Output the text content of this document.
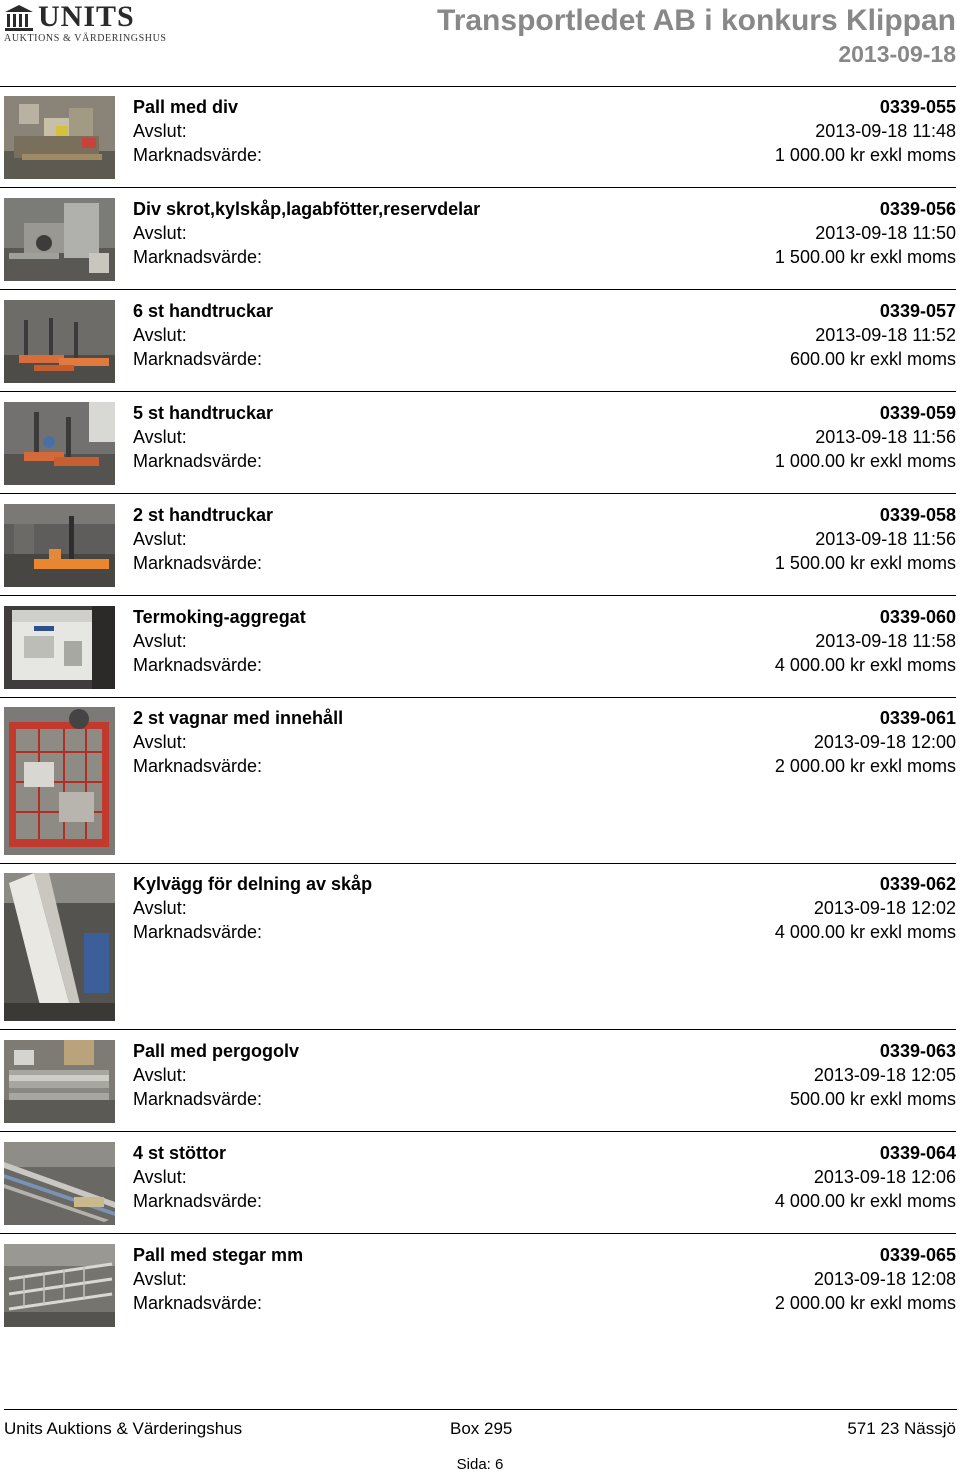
UNITS
AUKTIONS & VÄRDERINGSHUS
Transportledet AB i konkurs Klippan
2013-09-18
Pall med div
Avslut:
Marknadsvärde:
0339-055
2013-09-18 11:48
1 000.00 kr exkl moms
Div skrot,kylskåp,lagabfötter,reservdelar
Avslut:
Marknadsvärde:
0339-056
2013-09-18 11:50
1 500.00 kr exkl moms
6 st handtruckar
Avslut:
Marknadsvärde:
0339-057
2013-09-18 11:52
600.00 kr exkl moms
5 st handtruckar
Avslut:
Marknadsvärde:
0339-059
2013-09-18 11:56
1 000.00 kr exkl moms
2 st handtruckar
Avslut:
Marknadsvärde:
0339-058
2013-09-18 11:56
1 500.00 kr exkl moms
Termoking-aggregat
Avslut:
Marknadsvärde:
0339-060
2013-09-18 11:58
4 000.00 kr exkl moms
2 st vagnar med innehåll
Avslut:
Marknadsvärde:
0339-061
2013-09-18 12:00
2 000.00 kr exkl moms
Kylvägg för delning av skåp
Avslut:
Marknadsvärde:
0339-062
2013-09-18 12:02
4 000.00 kr exkl moms
Pall med pergogolv
Avslut:
Marknadsvärde:
0339-063
2013-09-18 12:05
500.00 kr exkl moms
4 st stöttor
Avslut:
Marknadsvärde:
0339-064
2013-09-18 12:06
4 000.00 kr exkl moms
Pall med stegar mm
Avslut:
Marknadsvärde:
0339-065
2013-09-18 12:08
2 000.00 kr exkl moms
Units Auktions & Värderingshus	Box 295	571 23 Nässjö
Sida: 6
